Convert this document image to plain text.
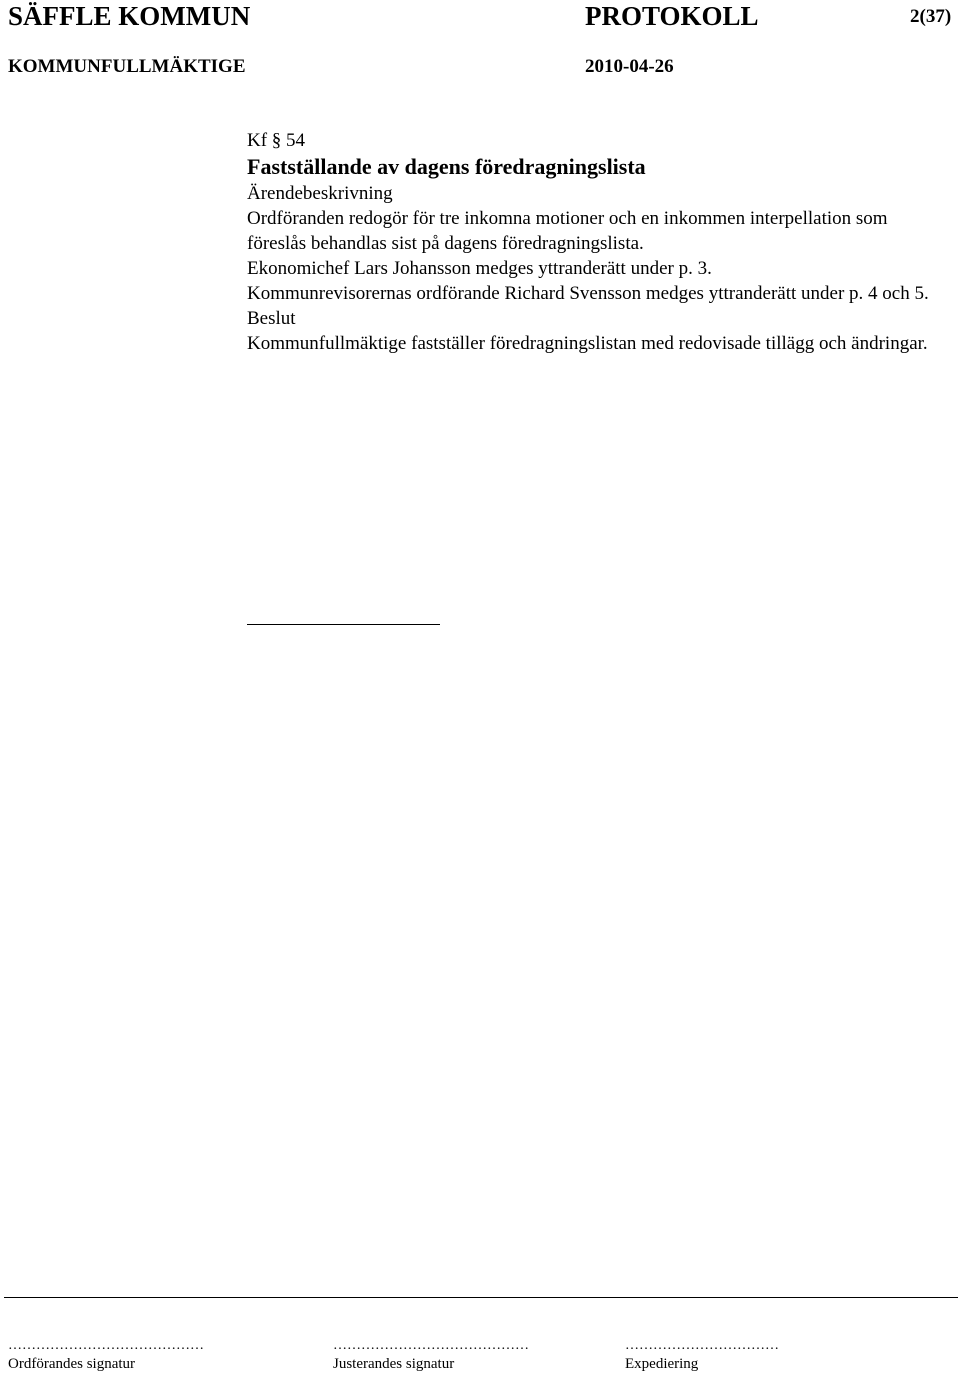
SÄFFLE KOMMUN	PROTOKOLL	2(37)
KOMMUNFULLMÄKTIGE	2010-04-26

Kf § 54

Fastställande av dagens föredragningslista

Ärendebeskrivning

Ordföranden redogör för tre inkomna motioner och en inkommen interpellation som föreslås behandlas sist på dagens föredragningslista.

Ekonomichef Lars Johansson medges yttranderätt under p. 3.

Kommunrevisorernas ordförande Richard Svensson medges yttranderätt under p. 4 och 5.

Beslut

Kommunfullmäktige fastställer föredragningslistan med redovisade tillägg och ändringar.

……………………………………	……………………………………	……………………………
Ordförandes signatur	Justerandes signatur	Expediering
